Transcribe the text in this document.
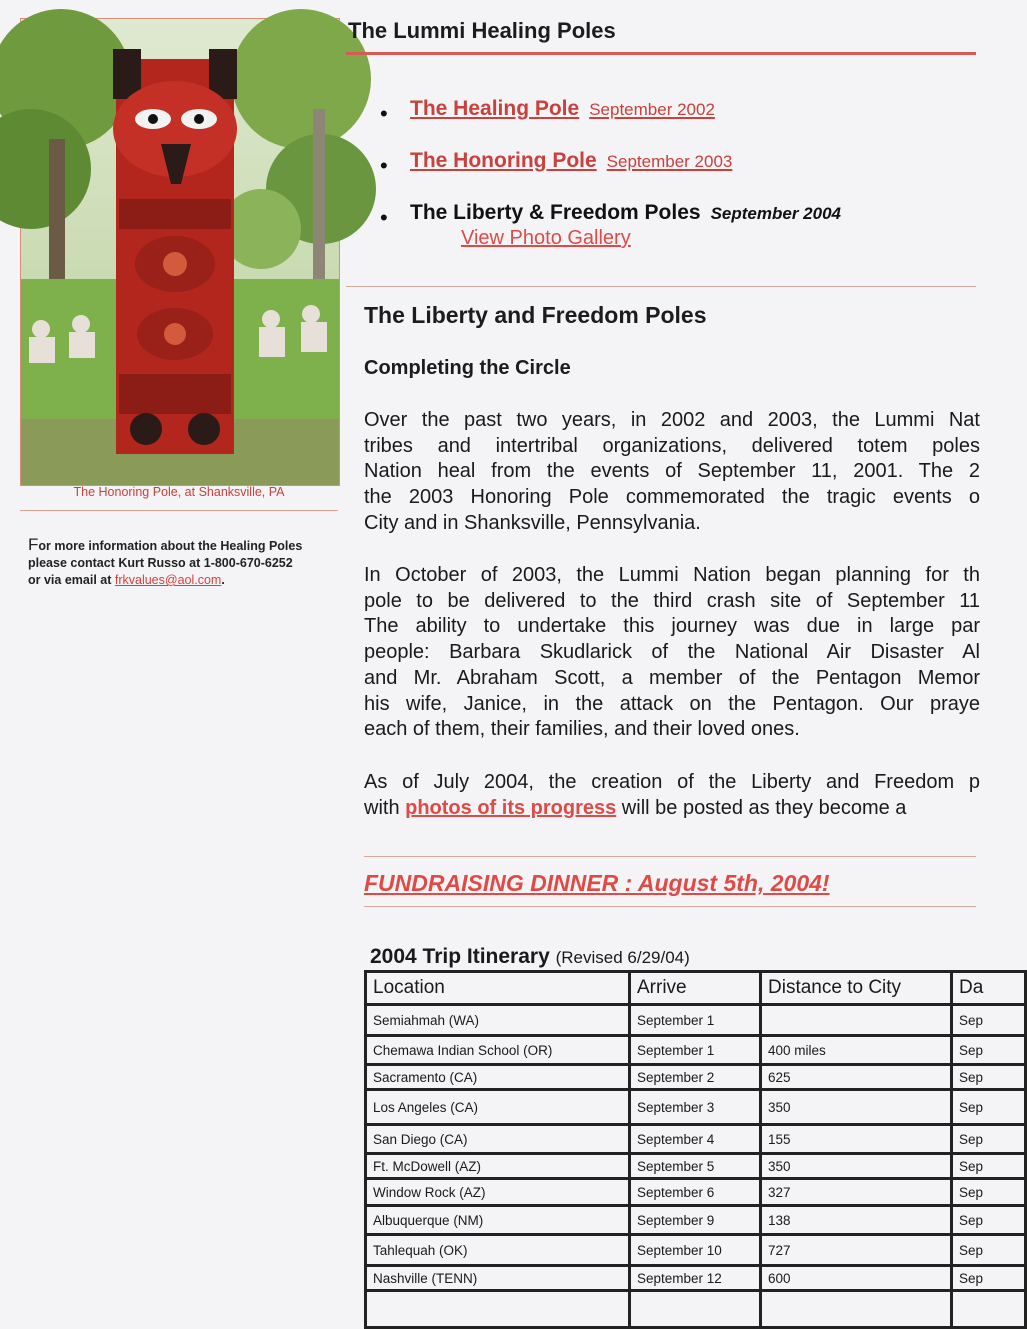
The Honoring Pole, at Shanksville, PA
For more information about the Healing Poles
please contact Kurt Russo at 1-800-670-6252
or via email at frkvalues@aol.com.
The Lummi Healing Poles
• The Healing Pole September 2002
• The Honoring Pole September 2003
• The Liberty & Freedom Poles September 2004
View Photo Gallery
The Liberty and Freedom Poles
Completing the Circle
Over the past two years, in 2002 and 2003, the Lummi Nat
tribes and intertribal organizations, delivered totem poles
Nation heal from the events of September 11, 2001. The 2
the 2003 Honoring Pole commemorated the tragic events o
City and in Shanksville, Pennsylvania.
In October of 2003, the Lummi Nation began planning for th
pole to be delivered to the third crash site of September 11
The ability to undertake this journey was due in large par
people: Barbara Skudlarick of the National Air Disaster Al
and Mr. Abraham Scott, a member of the Pentagon Memor
his wife, Janice, in the attack on the Pentagon. Our praye
each of them, their families, and their loved ones.
As of July 2004, the creation of the Liberty and Freedom p
with photos of its progress will be posted as they become a
FUNDRAISING DINNER : August 5th, 2004!
2004 Trip Itinerary (Revised 6/29/04)
Location	Arrive	Distance to City	Da
Semiahmah (WA)	September 1		Sep
Chemawa Indian School (OR)	September 1	400 miles	Sep
Sacramento (CA)	September 2	625	Sep
Los Angeles (CA)	September 3	350	Sep
San Diego (CA)	September 4	155	Sep
Ft. McDowell (AZ)	September 5	350	Sep
Window Rock (AZ)	September 6	327	Sep
Albuquerque (NM)	September 9	138	Sep
Tahlequah (OK)	September 10	727	Sep
Nashville (TENN)	September 12	600	Sep
